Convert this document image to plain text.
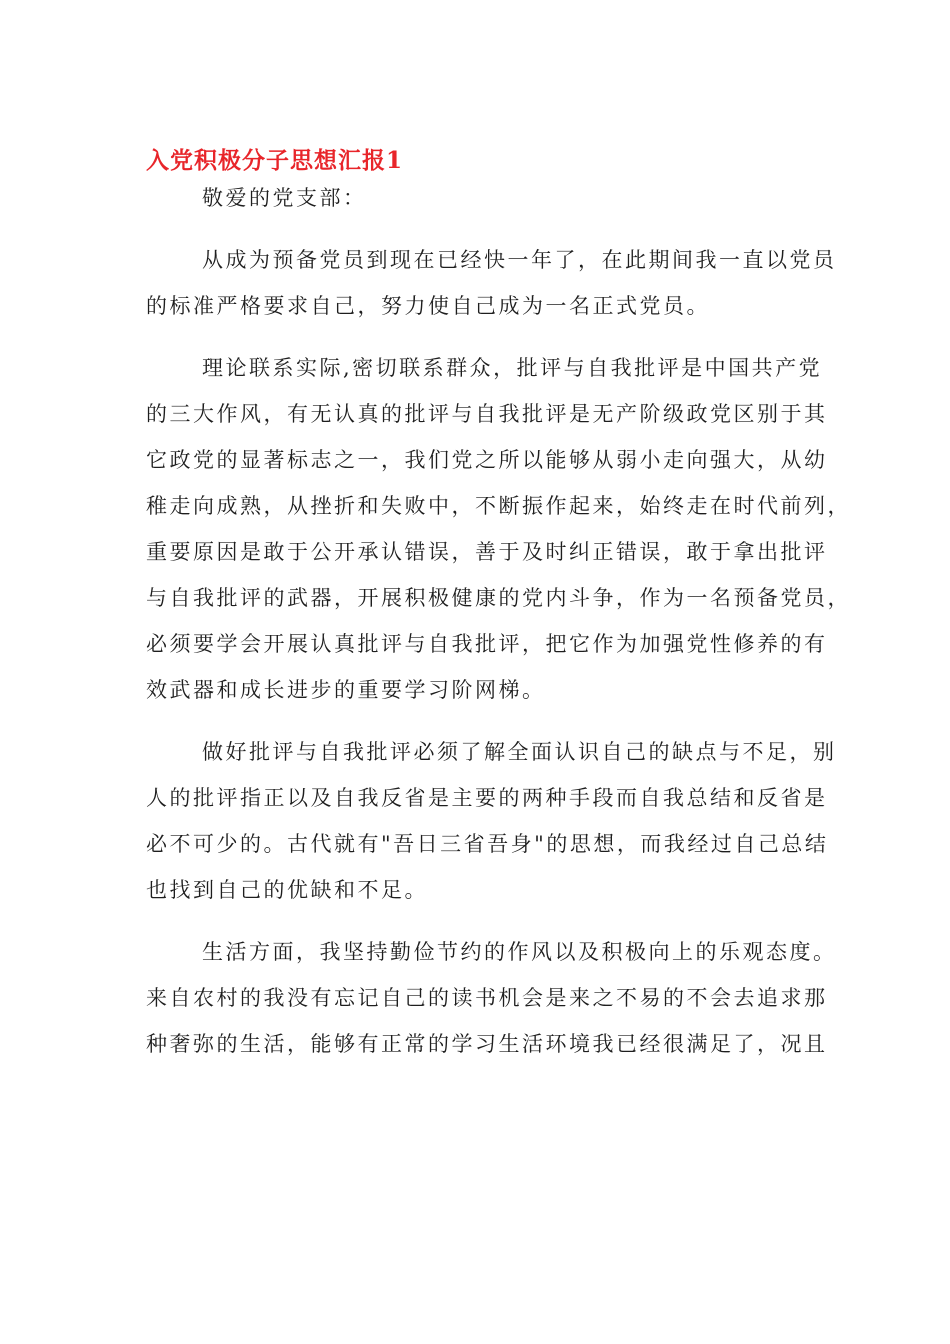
入党积极分子思想汇报1

敬爱的党支部：

从成为预备党员到现在已经快一年了，在此期间我一直以党员
的标准严格要求自己，努力使自己成为一名正式党员。

理论联系实际,密切联系群众，批评与自我批评是中国共产党
的三大作风，有无认真的批评与自我批评是无产阶级政党区别于其
它政党的显著标志之一，我们党之所以能够从弱小走向强大，从幼
稚走向成熟，从挫折和失败中，不断振作起来，始终走在时代前列，
重要原因是敢于公开承认错误，善于及时纠正错误，敢于拿出批评
与自我批评的武器，开展积极健康的党内斗争，作为一名预备党员，
必须要学会开展认真批评与自我批评，把它作为加强党性修养的有
效武器和成长进步的重要学习阶网梯。

做好批评与自我批评必须了解全面认识自己的缺点与不足，别
人的批评指正以及自我反省是主要的两种手段而自我总结和反省是
必不可少的。古代就有"吾日三省吾身"的思想，而我经过自己总结
也找到自己的优缺和不足。

生活方面，我坚持勤俭节约的作风以及积极向上的乐观态度。
来自农村的我没有忘记自己的读书机会是来之不易的不会去追求那
种奢弥的生活，能够有正常的学习生活环境我已经很满足了，况且
